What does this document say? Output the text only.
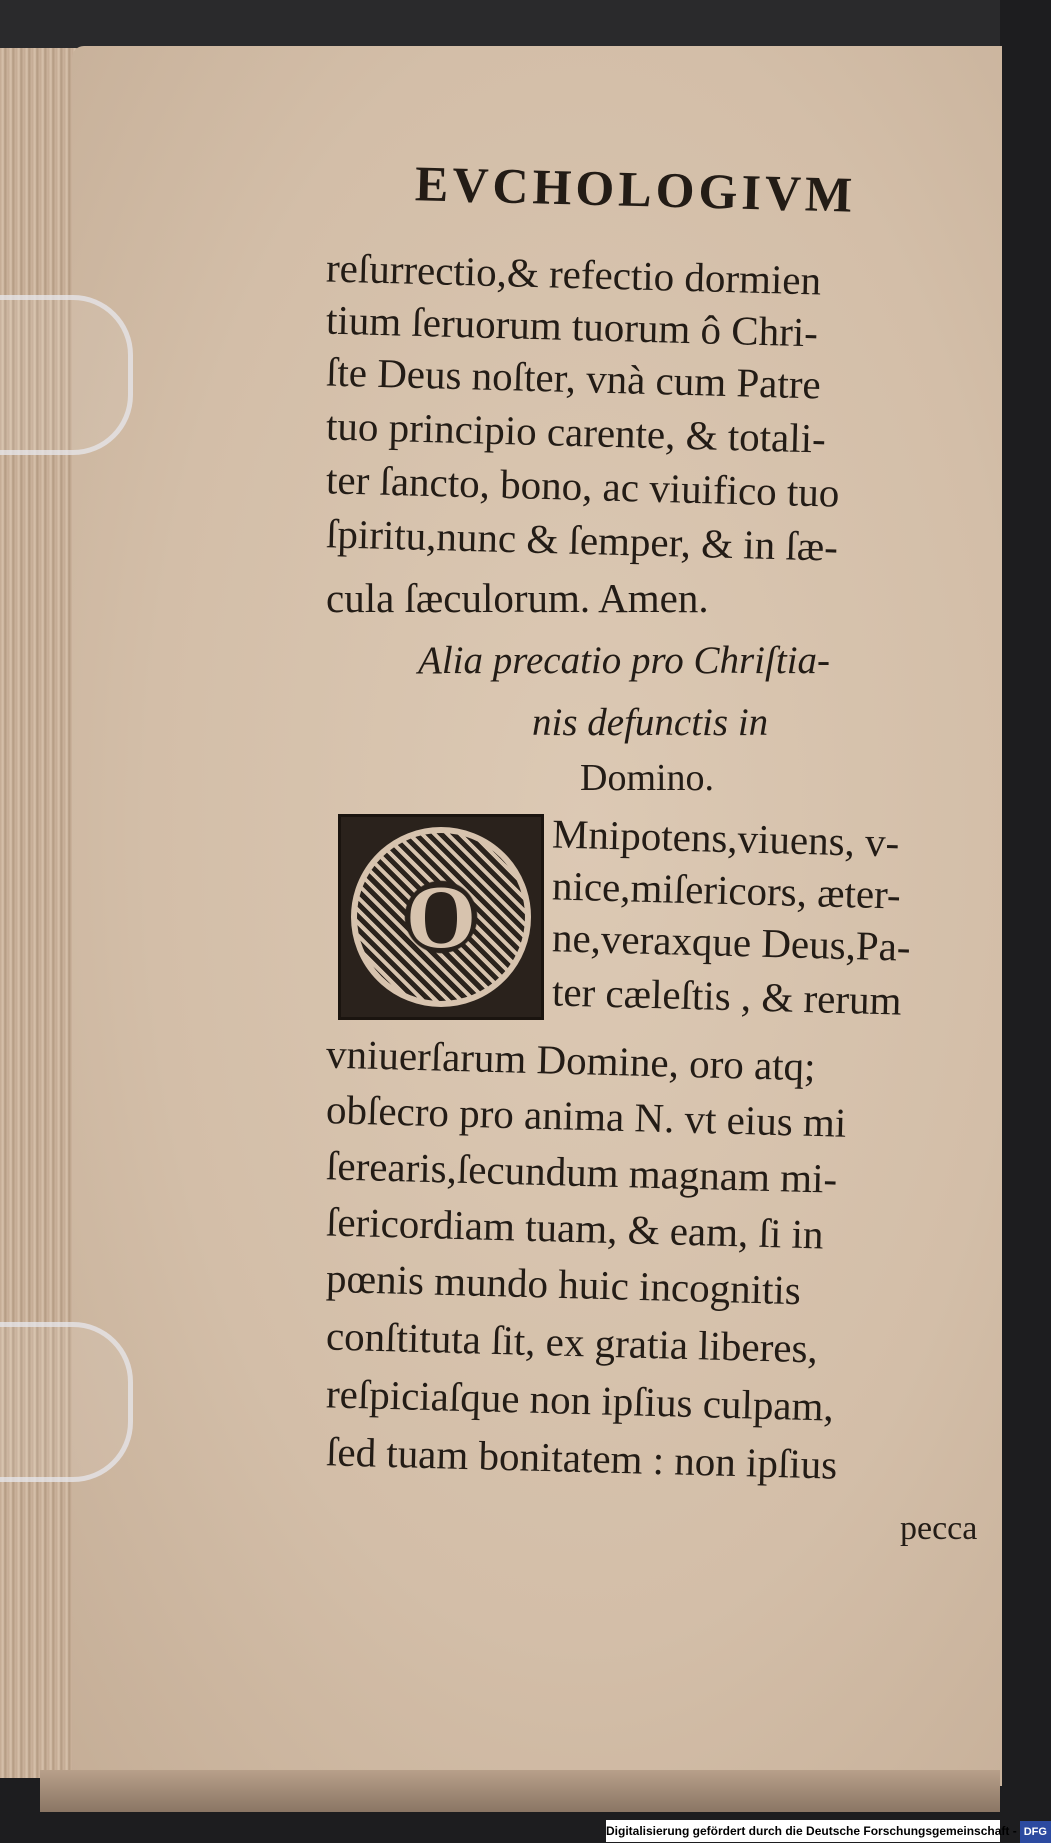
EVCHOLOGIVM
reſurrectio,& refectio dormien
tium ſeruorum tuorum ô Chri-
ſte Deus noſter, vnà cum Patre
tuo principio carente, & totali-
ter ſancto, bono, ac viuifico tuo
ſpiritu,nunc & ſemper, & in ſæ-
cula ſæculorum. Amen.
Alia precatio pro Chriſtia-
nis defunctis in
Domino.
O
Mnipotens,viuens, v-
nice,miſericors, æter-
ne,veraxque Deus,Pa-
ter cæleſtis , & rerum
vniuerſarum Domine, oro atq;
obſecro pro anima N. vt eius mi
ſerearis,ſecundum magnam mi-
ſericordiam tuam, & eam, ſi in
pœnis mundo huic incognitis
conſtituta ſit, ex gratia liberes,
reſpiciaſque non ipſius culpam,
ſed tuam bonitatem : non ipſius
pecca
Digitalisierung gefördert durch die Deutsche Forschungsgemeinschaft - DFG
